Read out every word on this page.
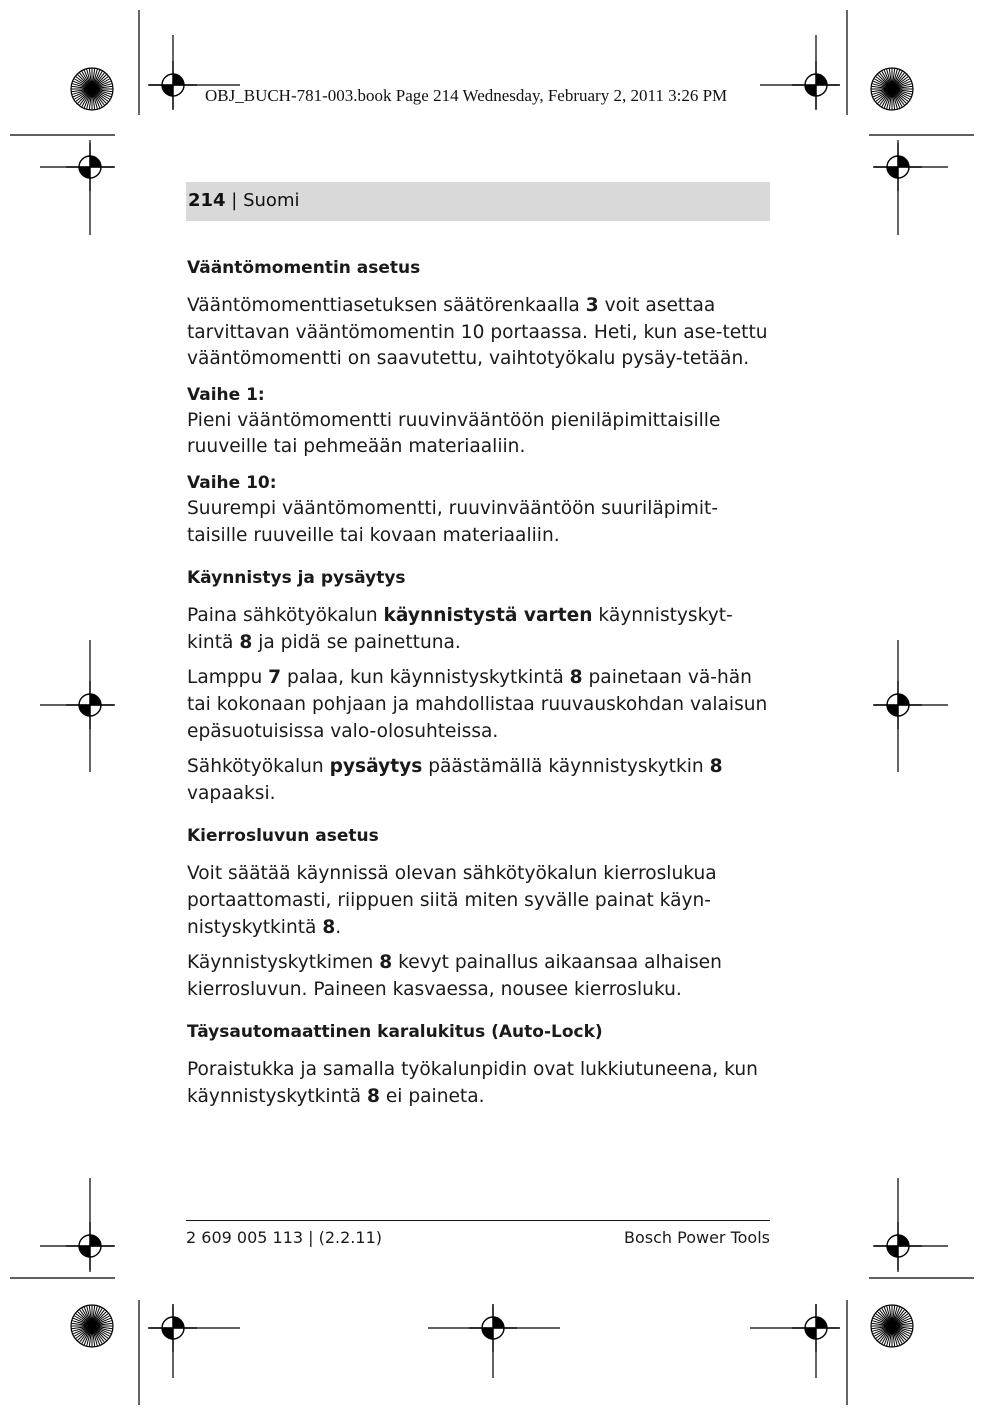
OBJ_BUCH-781-003.book Page 214 Wednesday, February 2, 2011 3:26 PM
214 | Suomi
Vääntömomentin asetus

Vääntömomenttiasetuksen säätörenkaalla 3 voit asettaa tarvittavan vääntömomentin 10 portaassa. Heti, kun ase-tettu vääntömomentti on saavutettu, vaihtotyökalu pysäy-tetään.

Vaihe 1:

Pieni vääntömomentti ruuvinvääntöön pieniläpimittaisille ruuveille tai pehmeään materiaaliin.

Vaihe 10:

Suurempi vääntömomentti, ruuvinvääntöön suuriläpimit-taisille ruuveille tai kovaan materiaaliin.

Käynnistys ja pysäytys

Paina sähkötyökalun käynnistystä varten käynnistyskyt-kintä 8 ja pidä se painettuna.

Lamppu 7 palaa, kun käynnistyskytkintä 8 painetaan vä-hän tai kokonaan pohjaan ja mahdollistaa ruuvauskohdan valaisun epäsuotuisissa valo-olosuhteissa.

Sähkötyökalun pysäytys päästämällä käynnistyskytkin 8 vapaaksi.

Kierrosluvun asetus

Voit säätää käynnissä olevan sähkötyökalun kierroslukua portaattomasti, riippuen siitä miten syvälle painat käyn-nistyskytkintä 8.

Käynnistyskytkimen 8 kevyt painallus aikaansaa alhaisen kierrosluvun. Paineen kasvaessa, nousee kierrosluku.

Täysautomaattinen karalukitus (Auto-Lock)

Poraistukka ja samalla työkalunpidin ovat lukkiutuneena, kun käynnistyskytkintä 8 ei paineta.

2 609 005 113 | (2.2.11)	Bosch Power Tools
